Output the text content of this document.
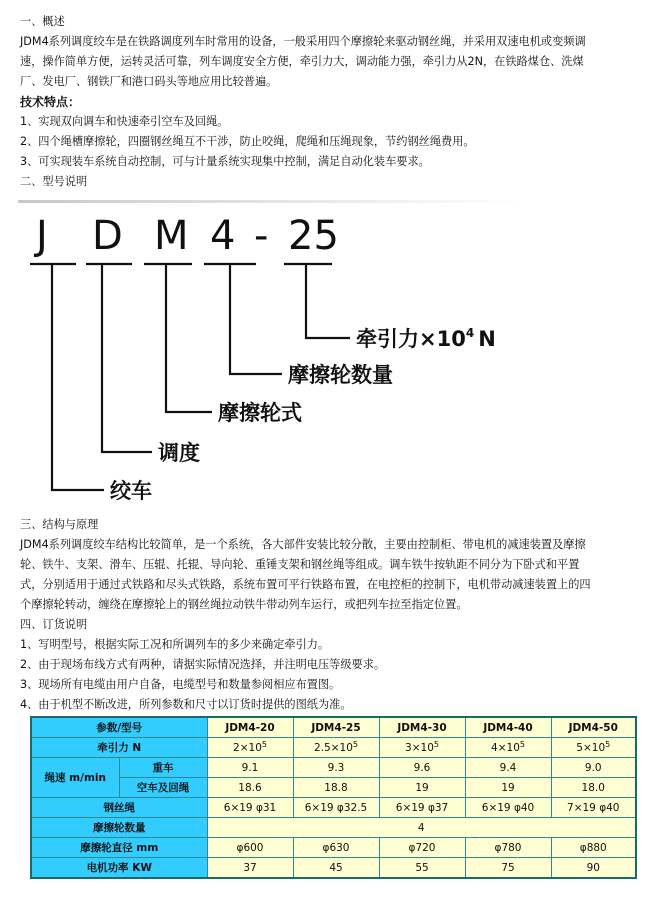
一、概述
JDM4系列调度绞车是在铁路调度列车时常用的设备，一般采用四个摩擦轮来驱动钢丝绳，并采用双速电机或变频调
速，操作简单方便，运转灵活可靠，列车调度安全方便，牵引力大，调动能力强，牵引力从2N，在铁路煤仓、洗煤
厂、发电厂、钢铁厂和港口码头等地应用比较普遍。
技术特点：
1、实现双向调车和快速牵引空车及回绳。
2、四个绳槽摩擦轮，四圈钢丝绳互不干涉，防止咬绳，爬绳和压绳现象，节约钢丝绳费用。
3、可实现装车系统自动控制，可与计量系统实现集中控制，满足自动化装车要求。
二、型号说明
J D M 4 - 25
牵引力$\times 10^4$ N
摩擦轮数量
摩擦轮式
调度
绞车
三、结构与原理
JDM4系列调度绞车结构比较简单，是一个系统，各大部件安装比较分散，主要由控制柜、带电机的减速装置及摩擦
轮、铁牛、支架、滑车、压辊、托辊、导向轮、重锤支架和钢丝绳等组成。调车铁牛按轨距不同分为下卧式和平置
式，分别适用于通过式铁路和尽头式铁路，系统布置可平行铁路布置，在电控柜的控制下，电机带动减速装置上的四
个摩擦轮转动，缠绕在摩擦轮上的钢丝绳拉动铁牛带动列车运行，或把列车拉至指定位置。
四、订货说明
1、写明型号，根据实际工况和所调列车的多少来确定牵引力。
2、由于现场布线方式有两种，请据实际情况选择，并注明电压等级要求。
3、现场所有电缆由用户自备，电缆型号和数量参阅相应布置图。
4、由于机型不断改进，所列参数和尺寸以订货时提供的图纸为准。
参数/型号		JDM4-20	JDM4-25	JDM4-30	JDM4-40	JDM4-50
牵引力 N		$2\times 10^5$	$2.5\times 10^5$	$3\times 10^5$	$4\times 10^5$	$5\times 10^5$
绳速 m/min	重车	9.1	9.3	9.6	9.4	9.0
	空车及回绳	18.6	18.8	19	19	18.0
钢丝绳		6×19 φ31	6×19 φ32.5	6×19 φ37	6×19 φ40	7×19 φ40
摩擦轮数量		4				
摩擦轮直径 mm		φ600	φ630	φ720	φ780	φ880
电机功率 KW		37	45	55	75	90
